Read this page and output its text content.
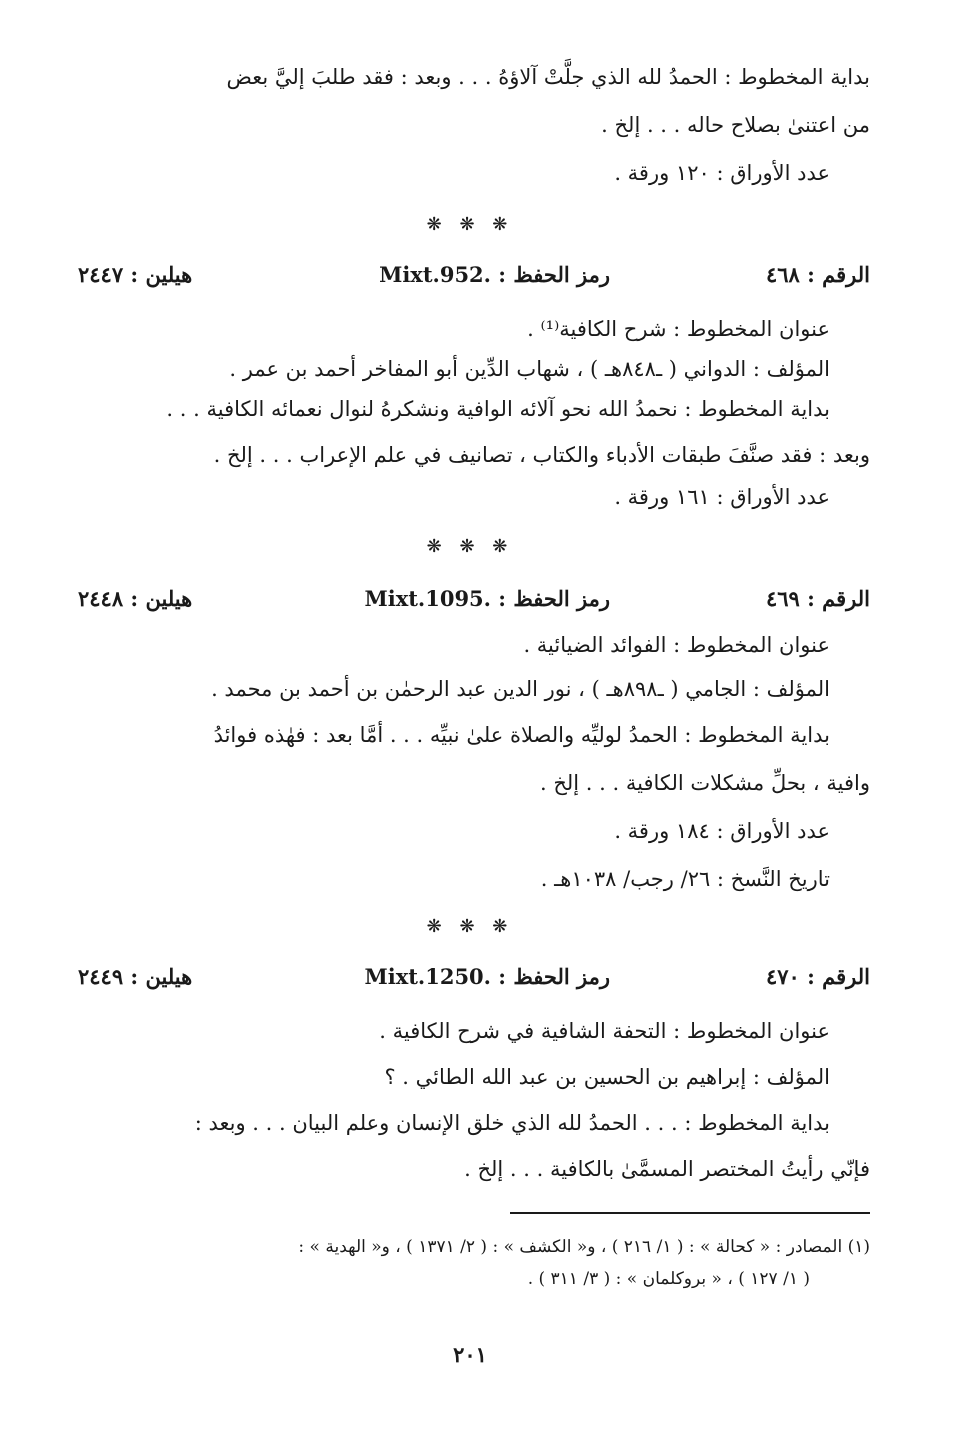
بداية المخطوط : الحمدُ لله الذي جلَّتْ آلاؤهُ . . . وبعد : فقد طلبَ إليَّ بعض
من اعتنىٰ بصلاح حاله . . . إلخ .
عدد الأوراق : ١٢٠ ورقة .
❋ ❋ ❋
الرقم : ٤٦٨
رمز الحفظ : .Mixt.952
هيلين : ٢٤٤٧
عنوان المخطوط : شرح الكافية⁽¹⁾ .
المؤلف : الدواني ( ـ٨٤٨هـ ) ، شهاب الدِّين أبو المفاخر أحمد بن عمر .
بداية المخطوط : نحمدُ الله نحو آلائه الوافية ونشكرهُ لنوال نعمائه الكافية . . .
وبعد : فقد صنَّفَ طبقات الأدباء والكتاب ، تصانيف في علم الإعراب . . . إلخ .
عدد الأوراق : ١٦١ ورقة .
❋ ❋ ❋
الرقم : ٤٦٩
رمز الحفظ : .Mixt.1095
هيلين : ٢٤٤٨
عنوان المخطوط : الفوائد الضيائية .
المؤلف : الجامي ( ـ٨٩٨هـ ) ، نور الدين عبد الرحمٰن بن أحمد بن محمد .
بداية المخطوط : الحمدُ لوليِّه والصلاة علىٰ نبيِّه . . . أمَّا بعد : فهٰذه فوائدُ
وافية ، بحلِّ مشكلات الكافية . . . إلخ .
عدد الأوراق : ١٨٤ ورقة .
تاريخ النَّسخ : ٢٦/ رجب/ ١٠٣٨هـ .
❋ ❋ ❋
الرقم : ٤٧٠
رمز الحفظ : .Mixt.1250
هيلين : ٢٤٤٩
عنوان المخطوط : التحفة الشافية في شرح الكافية .
المؤلف : إبراهيم بن الحسين بن عبد الله الطائي . ؟
بداية المخطوط : . . . الحمدُ لله الذي خلق الإنسان وعلم البيان . . . وبعد :
فإنّي رأيتُ المختصر المسمَّىٰ بالكافية . . . إلخ .
(١) المصادر : « كحالة » : ( ١/ ٢١٦ ) ، و« الكشف » : ( ٢/ ١٣٧١ ) ، و« الهدية » :
( ١/ ١٢٧ ) ، « بروكلمان » : ( ٣/ ٣١١ ) .
٢٠١
